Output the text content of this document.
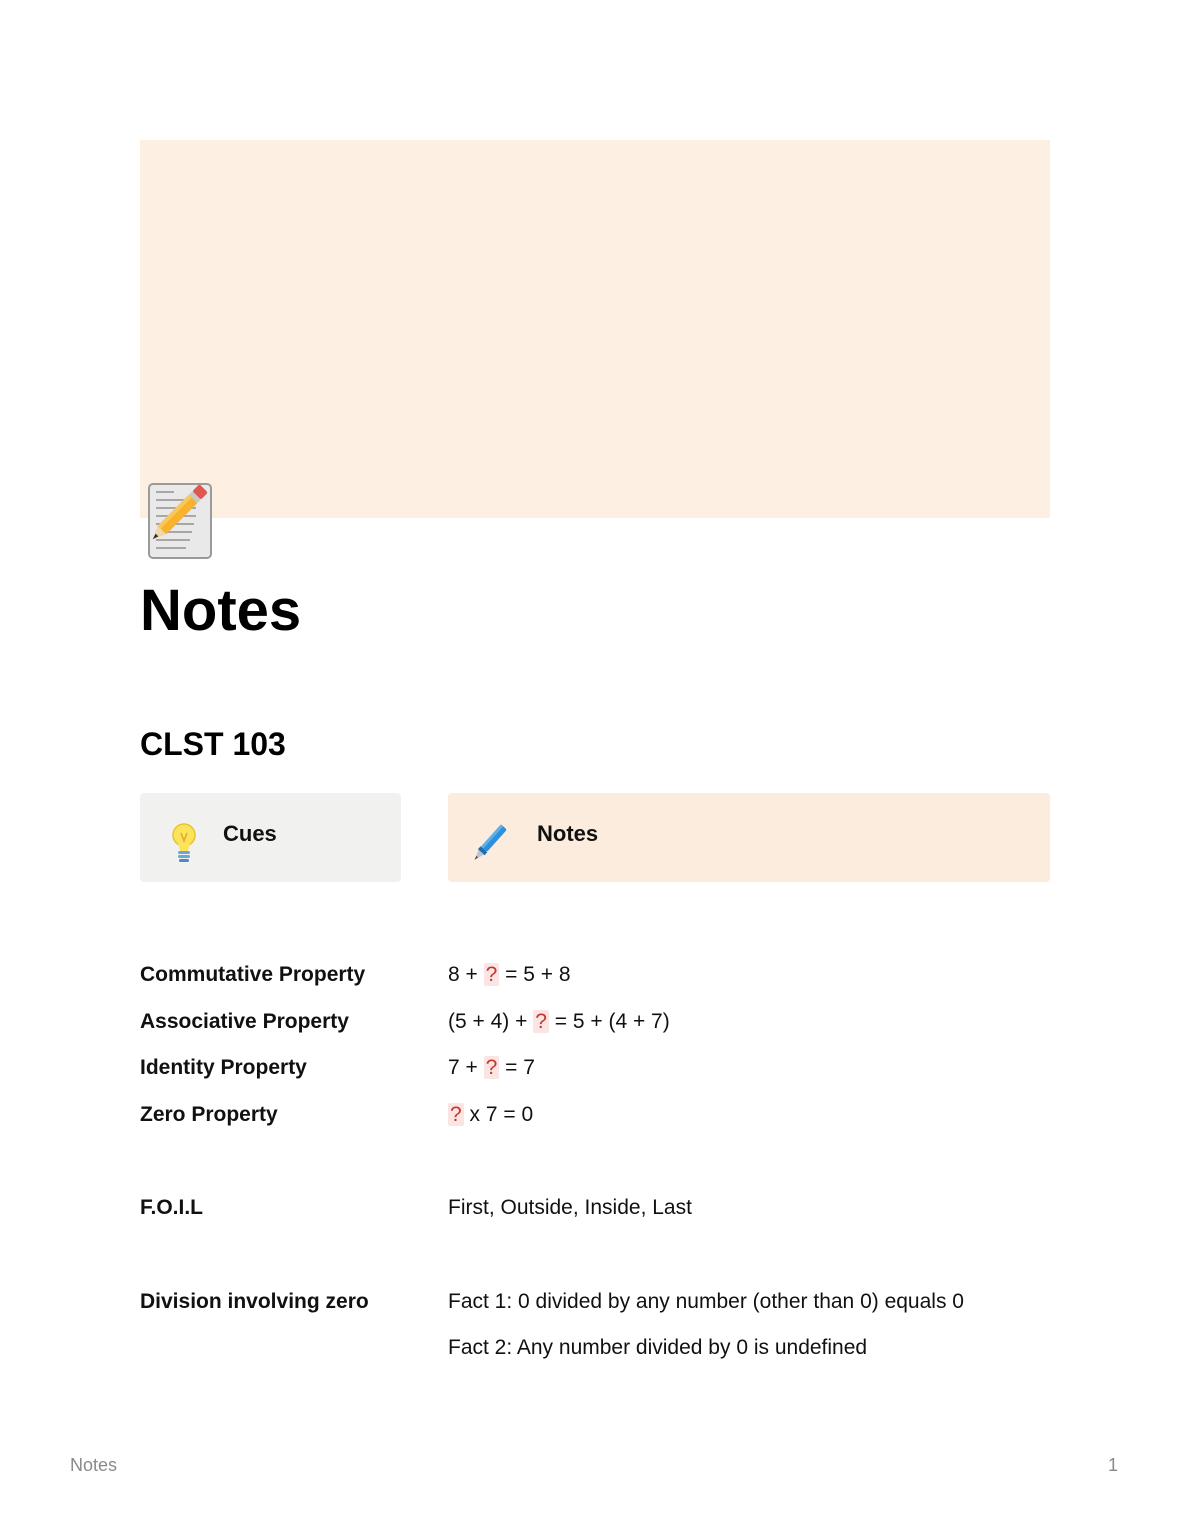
Notes
CLST 103
Cues	Notes
Commutative Property	8 + ? = 5 + 8
Associative Property	(5 + 4) + ? = 5 + (4 + 7)
Identity Property	7 + ? = 7
Zero Property	? x 7 = 0
F.O.I.L	First, Outside, Inside, Last
Division involving zero	Fact 1: 0 divided by any number (other than 0) equals 0
Fact 2: Any number divided by 0 is undefined
Notes	1
